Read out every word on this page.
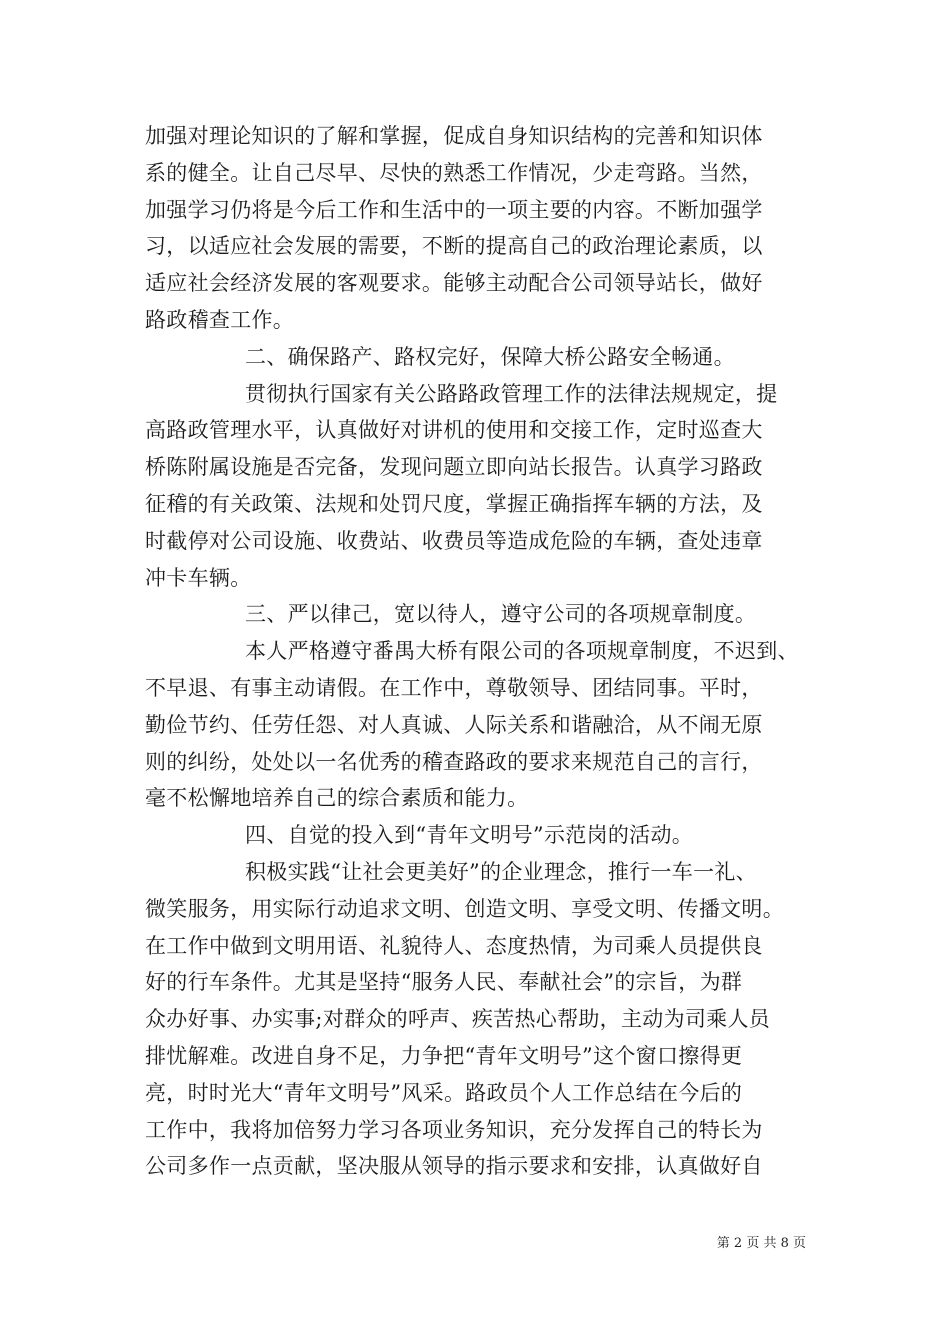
加强对理论知识的了解和掌握，促成自身知识结构的完善和知识体
系的健全。让自己尽早、尽快的熟悉工作情况，少走弯路。当然，
加强学习仍将是今后工作和生活中的一项主要的内容。不断加强学
习，以适应社会发展的需要，不断的提高自己的政治理论素质，以
适应社会经济发展的客观要求。能够主动配合公司领导站长，做好
路政稽查工作。
二、确保路产、路权完好，保障大桥公路安全畅通。
贯彻执行国家有关公路路政管理工作的法律法规规定，提
高路政管理水平，认真做好对讲机的使用和交接工作，定时巡查大
桥陈附属设施是否完备，发现问题立即向站长报告。认真学习路政
征稽的有关政策、法规和处罚尺度，掌握正确指挥车辆的方法，及
时截停对公司设施、收费站、收费员等造成危险的车辆，查处违章
冲卡车辆。
三、严以律己，宽以待人，遵守公司的各项规章制度。
本人严格遵守番禺大桥有限公司的各项规章制度，不迟到、
不早退、有事主动请假。在工作中，尊敬领导、团结同事。平时，
勤俭节约、任劳任怨、对人真诚、人际关系和谐融洽，从不闹无原
则的纠纷，处处以一名优秀的稽查路政的要求来规范自己的言行，
毫不松懈地培养自己的综合素质和能力。
四、自觉的投入到“青年文明号”示范岗的活动。
积极实践“让社会更美好”的企业理念，推行一车一礼、
微笑服务，用实际行动追求文明、创造文明、享受文明、传播文明。
在工作中做到文明用语、礼貌待人、态度热情，为司乘人员提供良
好的行车条件。尤其是坚持“服务人民、奉献社会”的宗旨，为群
众办好事、办实事;对群众的呼声、疾苦热心帮助，主动为司乘人员
排忧解难。改进自身不足，力争把“青年文明号”这个窗口擦得更
亮，时时光大“青年文明号”风采。路政员个人工作总结在今后的
工作中，我将加倍努力学习各项业务知识，充分发挥自己的特长为
公司多作一点贡献，坚决服从领导的指示要求和安排，认真做好自
第 2 页 共 8 页
